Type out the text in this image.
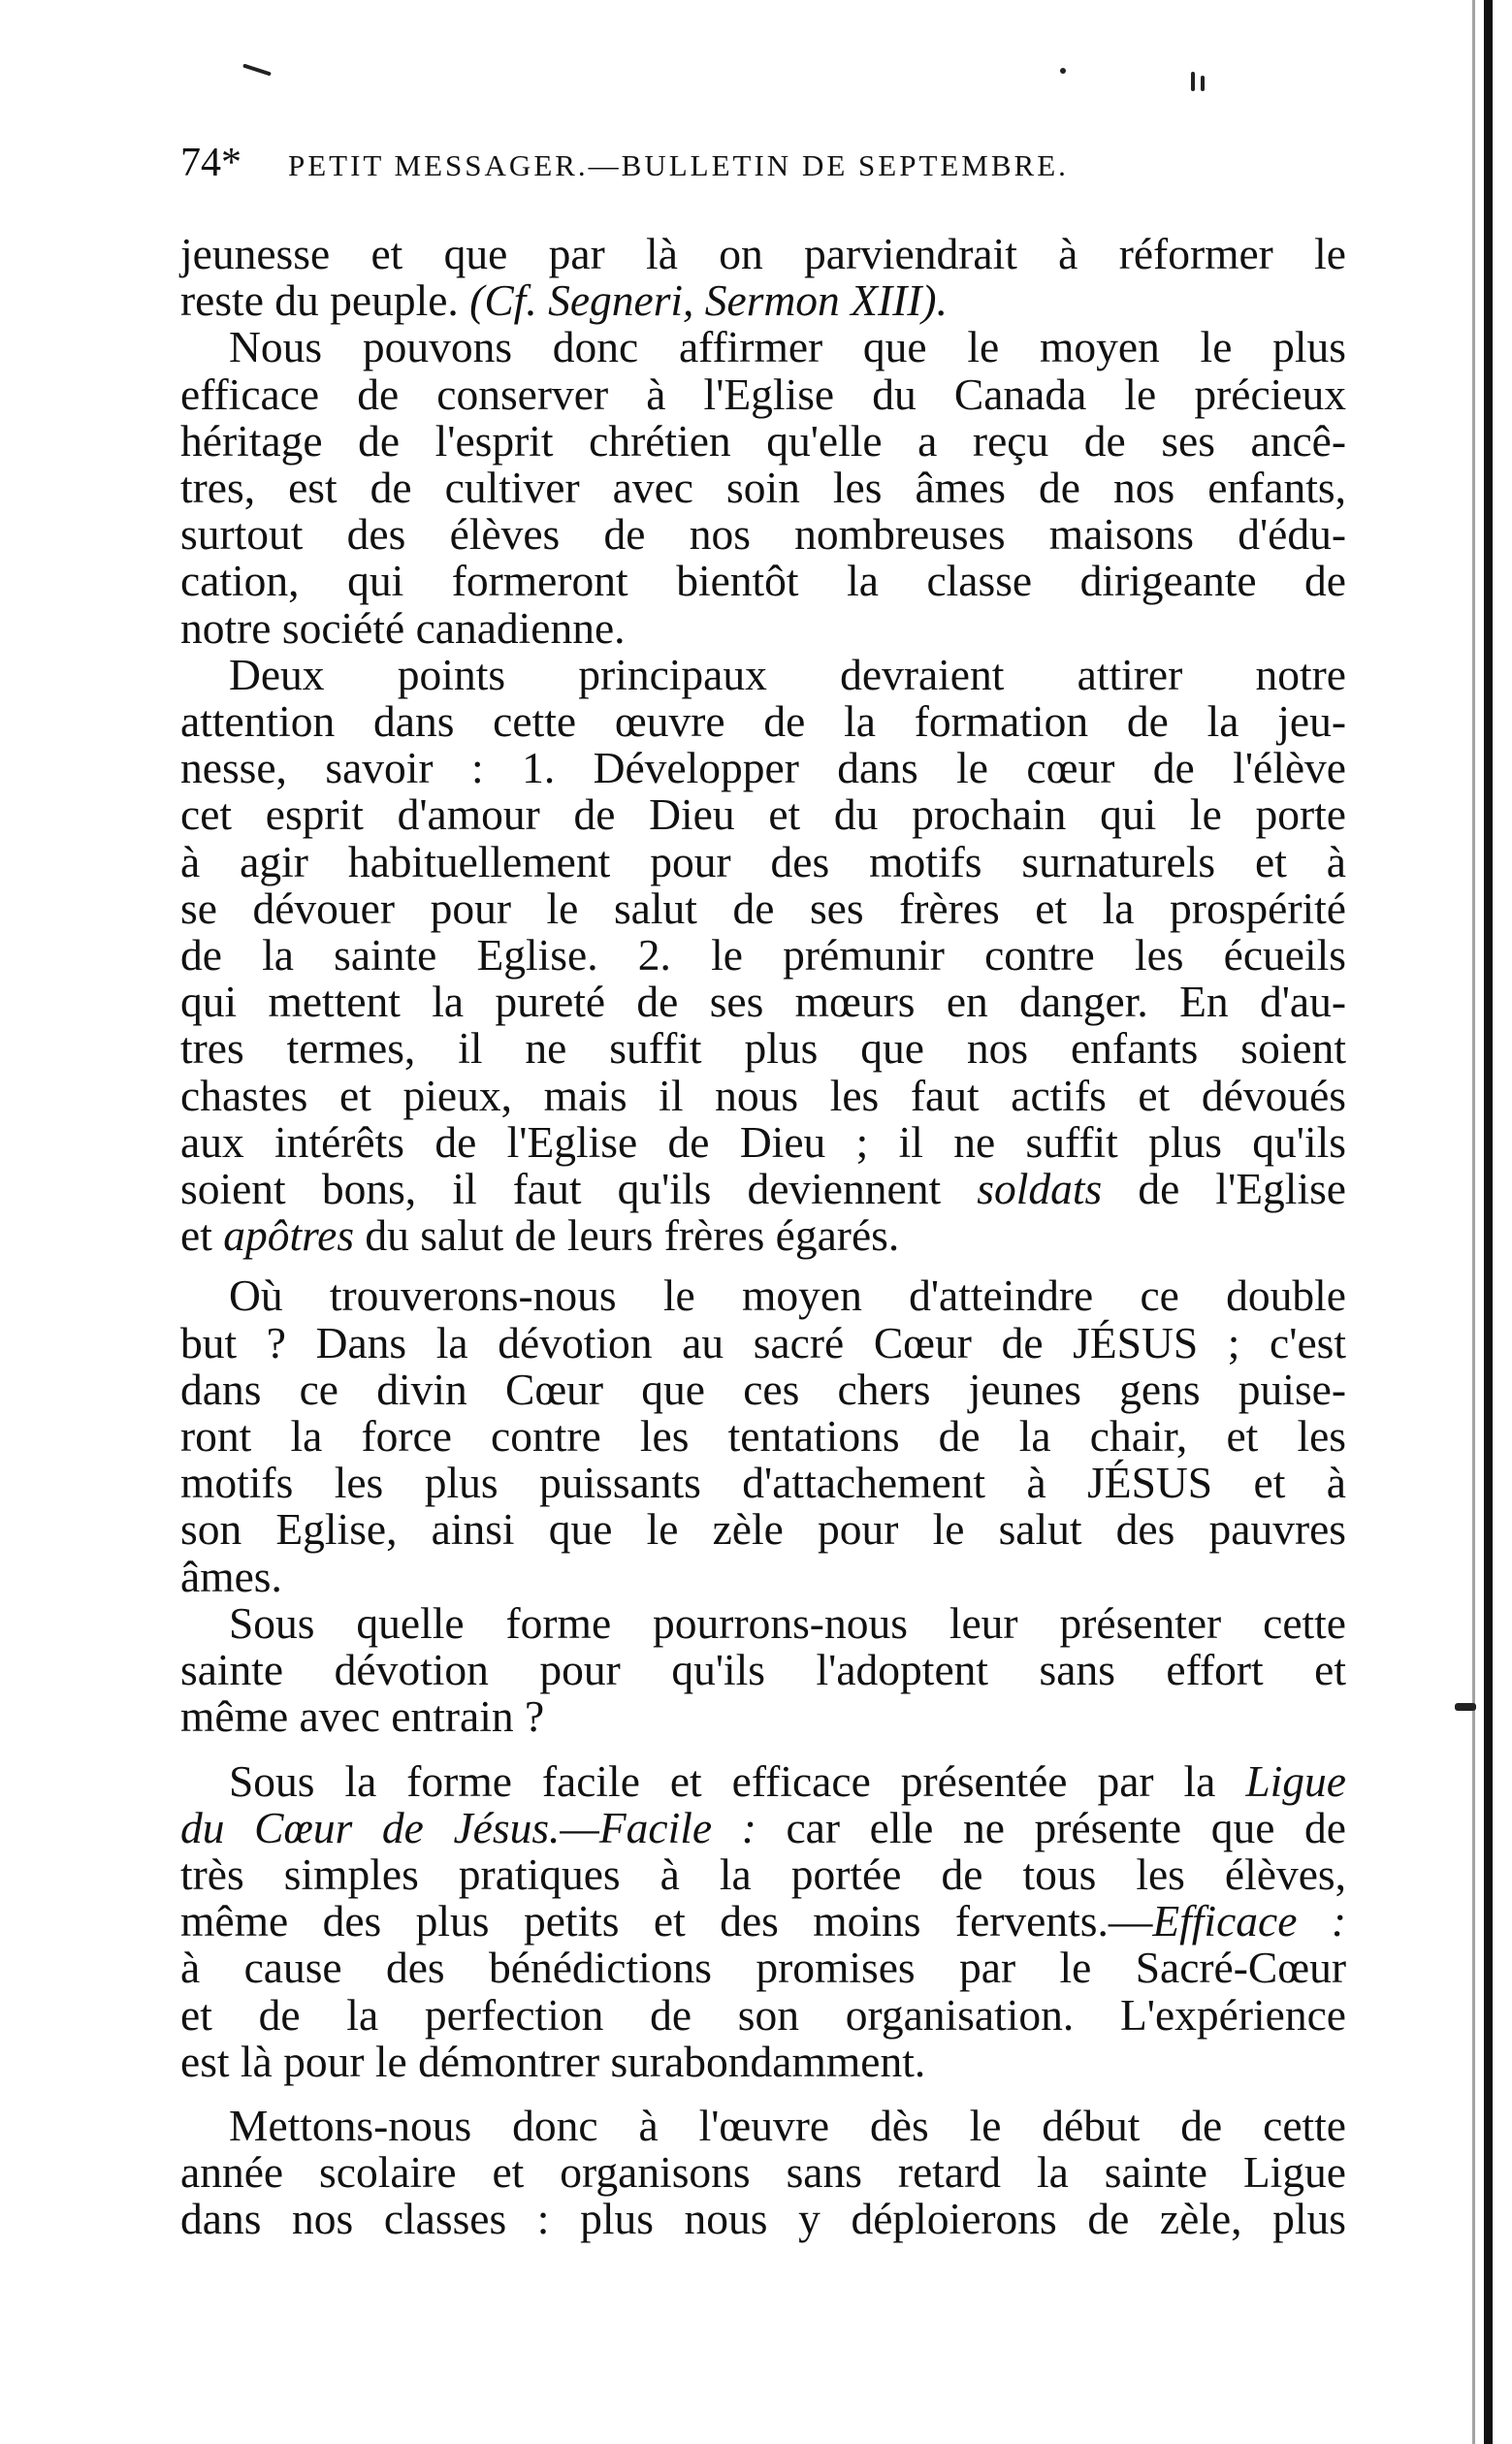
74* PETIT MESSAGER.—BULLETIN DE SEPTEMBRE.

jeunesse et que par là on parviendrait à réformer le
reste du peuple. (Cf. Segneri, Sermon XIII).
Nous pouvons donc affirmer que le moyen le plus
efficace de conserver à l'Eglise du Canada le précieux
héritage de l'esprit chrétien qu'elle a reçu de ses ancê-
tres, est de cultiver avec soin les âmes de nos enfants,
surtout des élèves de nos nombreuses maisons d'édu-
cation, qui formeront bientôt la classe dirigeante de
notre société canadienne.

Deux points principaux devraient attirer notre
attention dans cette œuvre de la formation de la jeu-
nesse, savoir : 1. Développer dans le cœur de l'élève
cet esprit d'amour de Dieu et du prochain qui le porte
à agir habituellement pour des motifs surnaturels et à
se dévouer pour le salut de ses frères et la prospérité
de la sainte Eglise. 2. le prémunir contre les écueils
qui mettent la pureté de ses mœurs en danger. En d'au-
tres termes, il ne suffit plus que nos enfants soient
chastes et pieux, mais il nous les faut actifs et dévoués
aux intérêts de l'Eglise de Dieu ; il ne suffit plus qu'ils
soient bons, il faut qu'ils deviennent soldats de l'Eglise
et apôtres du salut de leurs frères égarés.

Où trouverons-nous le moyen d'atteindre ce double
but ? Dans la dévotion au sacré Cœur de JÉSUS ; c'est
dans ce divin Cœur que ces chers jeunes gens puise-
ront la force contre les tentations de la chair, et les
motifs les plus puissants d'attachement à JÉSUS et à
son Eglise, ainsi que le zèle pour le salut des pauvres
âmes.

Sous quelle forme pourrons-nous leur présenter cette
sainte dévotion pour qu'ils l'adoptent sans effort et
même avec entrain ?

Sous la forme facile et efficace présentée par la Ligue
du Cœur de Jésus.—Facile : car elle ne présente que de
très simples pratiques à la portée de tous les élèves,
même des plus petits et des moins fervents.—Efficace :
à cause des bénédictions promises par le Sacré-Cœur
et de la perfection de son organisation. L'expérience
est là pour le démontrer surabondamment.

Mettons-nous donc à l'œuvre dès le début de cette
année scolaire et organisons sans retard la sainte Ligue
dans nos classes : plus nous y déploierons de zèle, plus
